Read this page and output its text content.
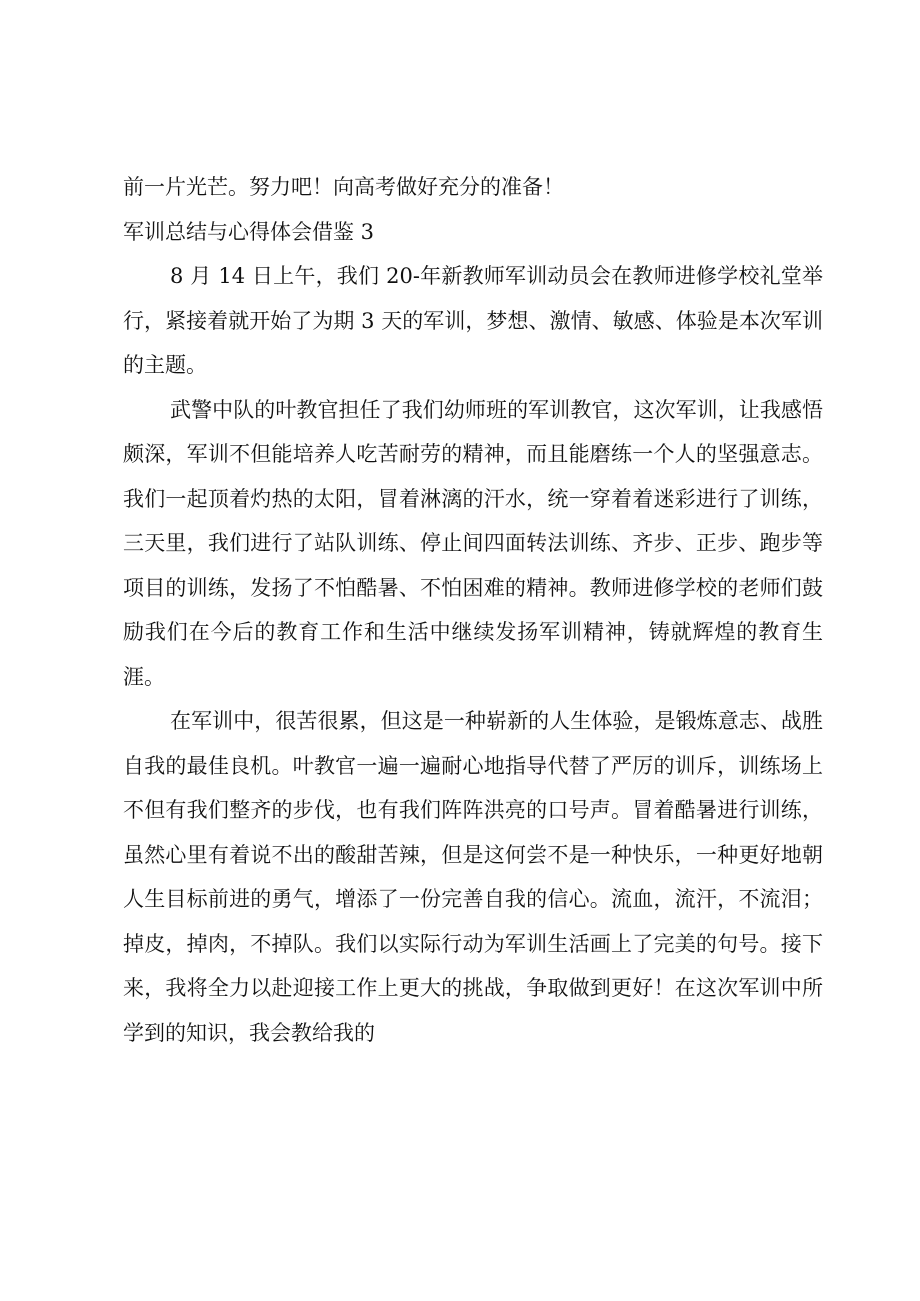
前一片光芒。努力吧！向高考做好充分的准备！

军训总结与心得体会借鉴 3

8 月 14 日上午，我们 20-年新教师军训动员会在教师进修学校礼堂举行，紧接着就开始了为期 3 天的军训，梦想、激情、敏感、体验是本次军训的主题。

武警中队的叶教官担任了我们幼师班的军训教官，这次军训，让我感悟颇深，军训不但能培养人吃苦耐劳的精神，而且能磨练一个人的坚强意志。我们一起顶着灼热的太阳，冒着淋漓的汗水，统一穿着着迷彩进行了训练，三天里，我们进行了站队训练、停止间四面转法训练、齐步、正步、跑步等项目的训练，发扬了不怕酷暑、不怕困难的精神。教师进修学校的老师们鼓励我们在今后的教育工作和生活中继续发扬军训精神，铸就辉煌的教育生涯。

在军训中，很苦很累，但这是一种崭新的人生体验，是锻炼意志、战胜自我的最佳良机。叶教官一遍一遍耐心地指导代替了严厉的训斥，训练场上不但有我们整齐的步伐，也有我们阵阵洪亮的口号声。冒着酷暑进行训练，虽然心里有着说不出的酸甜苦辣，但是这何尝不是一种快乐，一种更好地朝人生目标前进的勇气，增添了一份完善自我的信心。流血，流汗，不流泪；掉皮，掉肉，不掉队。我们以实际行动为军训生活画上了完美的句号。接下来，我将全力以赴迎接工作上更大的挑战，争取做到更好！在这次军训中所学到的知识，我会教给我的
